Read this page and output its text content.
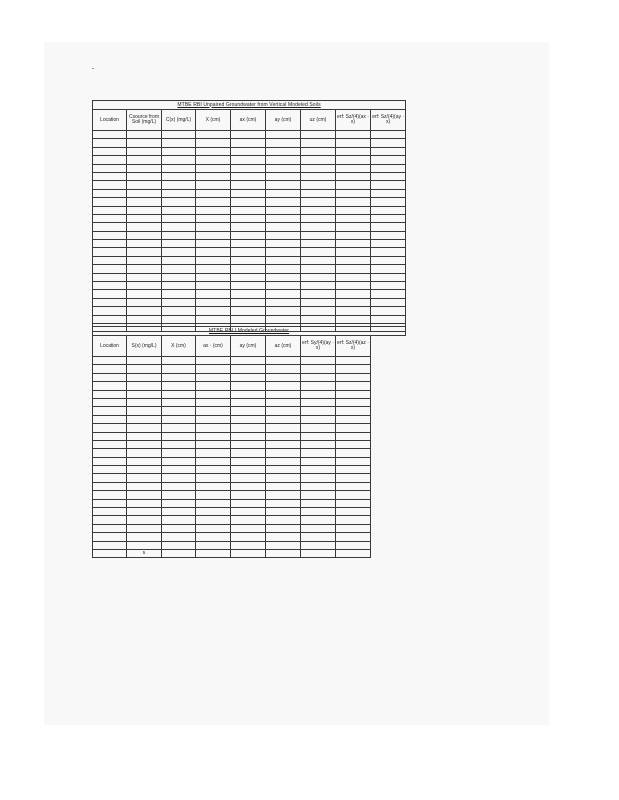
MTBE RBI Unpaired Groundwater from Vertical Modeled Soils								
Location	Csource from Soil (mg/L)	C(x) (mg/L)	X (cm)	ax (cm)	ay (cm)	uz (cm)	erf: Sz/(4)(ax · x)	erf: Sz/(4)(ay · x)

MTBE RBLI Modeled Groundwater								
Location	S(x) (mg/L)	X (cm)	ax · (cm)	ay (cm)	az (cm)	erf: Sy/(4)(ay · x)	erf: Sz/(4)(az · x)	

	5							
